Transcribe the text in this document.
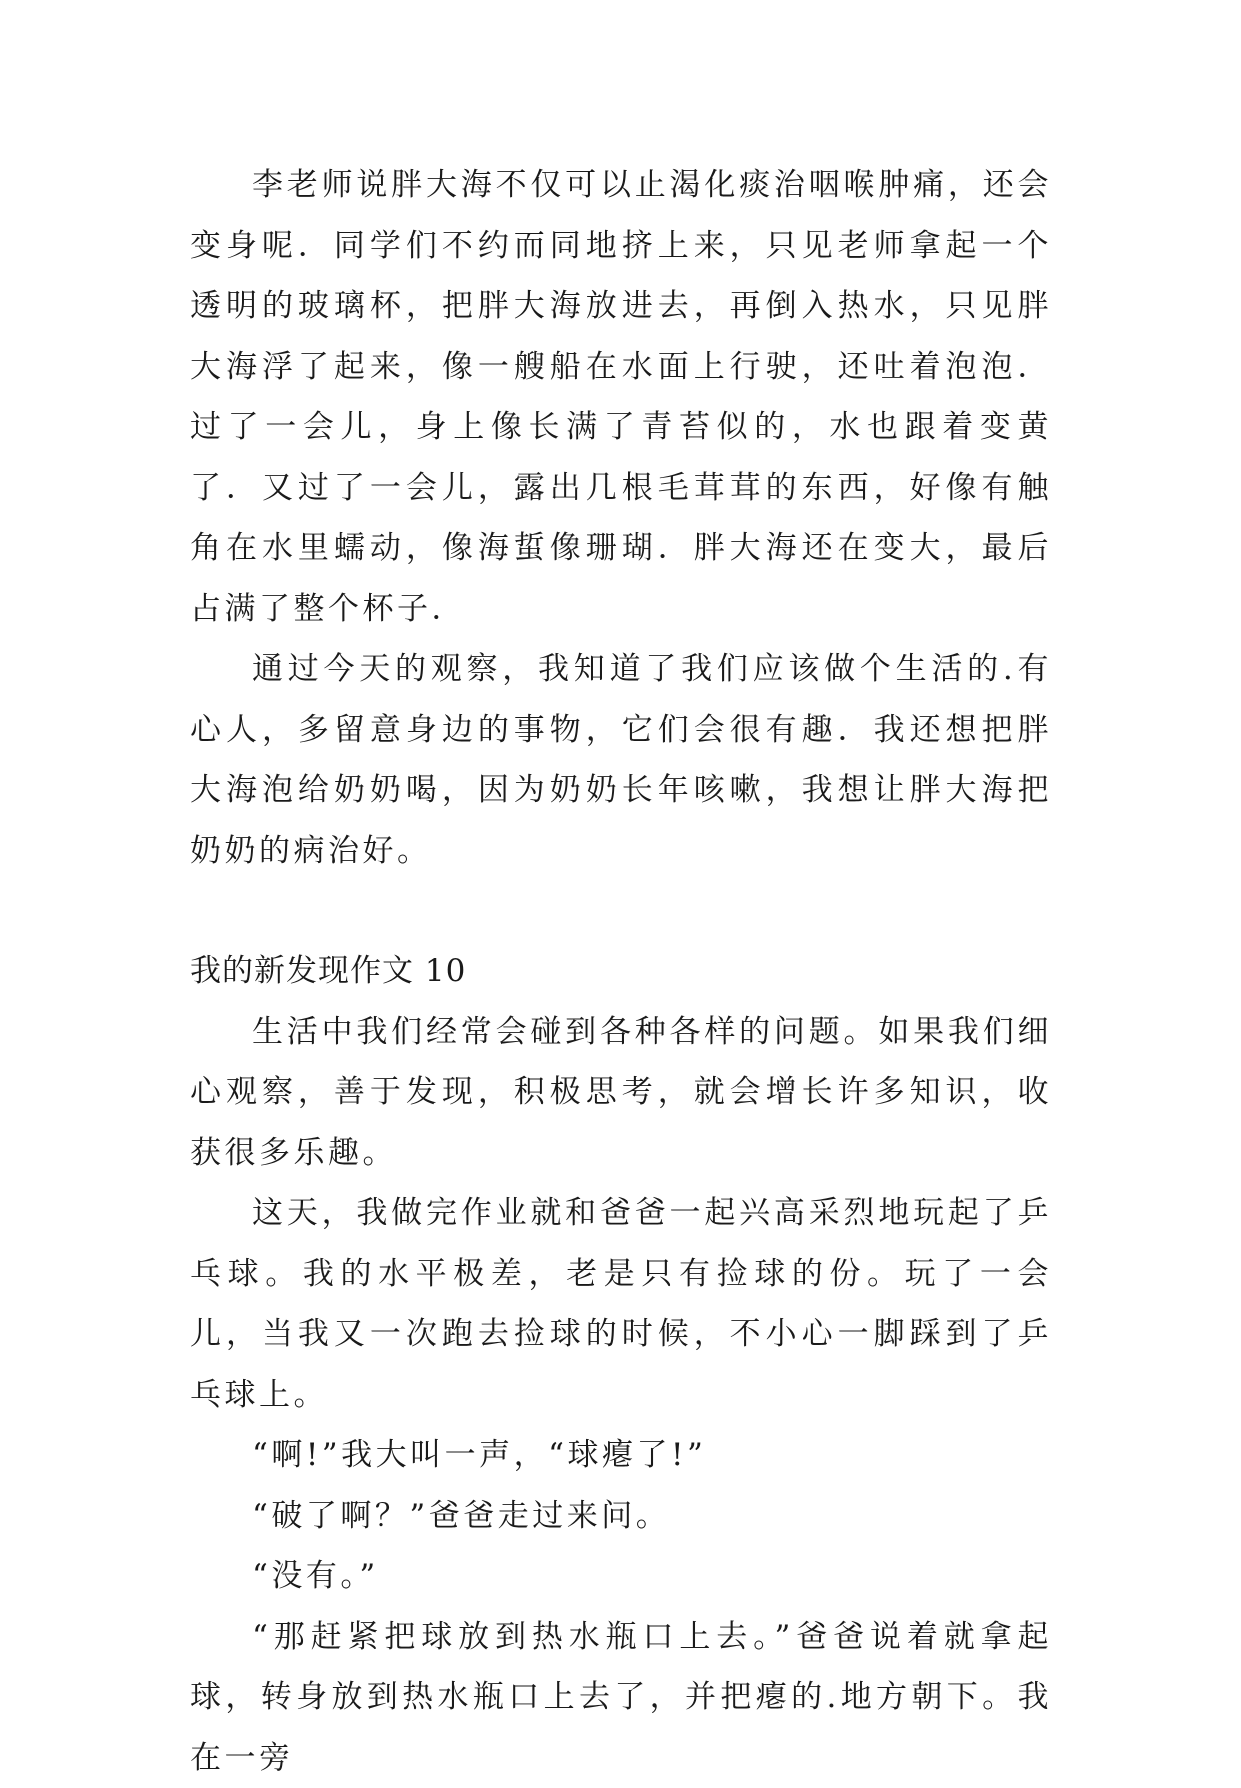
李老师说胖大海不仅可以止渴化痰治咽喉肿痛，还会变身呢．同学们不约而同地挤上来，只见老师拿起一个透明的玻璃杯，把胖大海放进去，再倒入热水，只见胖大海浮了起来，像一艘船在水面上行驶，还吐着泡泡．过了一会儿，身上像长满了青苔似的，水也跟着变黄了．又过了一会儿，露出几根毛茸茸的东西，好像有触角在水里蠕动，像海蜇像珊瑚．胖大海还在变大，最后占满了整个杯子．

通过今天的观察，我知道了我们应该做个生活的.有心人，多留意身边的事物，它们会很有趣．我还想把胖大海泡给奶奶喝，因为奶奶长年咳嗽，我想让胖大海把奶奶的病治好。

我的新发现作文 10

生活中我们经常会碰到各种各样的问题。如果我们细心观察，善于发现，积极思考，就会增长许多知识，收获很多乐趣。

这天，我做完作业就和爸爸一起兴高采烈地玩起了乒乓球。我的水平极差，老是只有捡球的份。玩了一会儿，当我又一次跑去捡球的时候，不小心一脚踩到了乒乓球上。

“啊!”我大叫一声，“球瘪了!”

“破了啊？”爸爸走过来问。

“没有。”

“那赶紧把球放到热水瓶口上去。”爸爸说着就拿起球，转身放到热水瓶口上去了，并把瘪的.地方朝下。我在一旁
